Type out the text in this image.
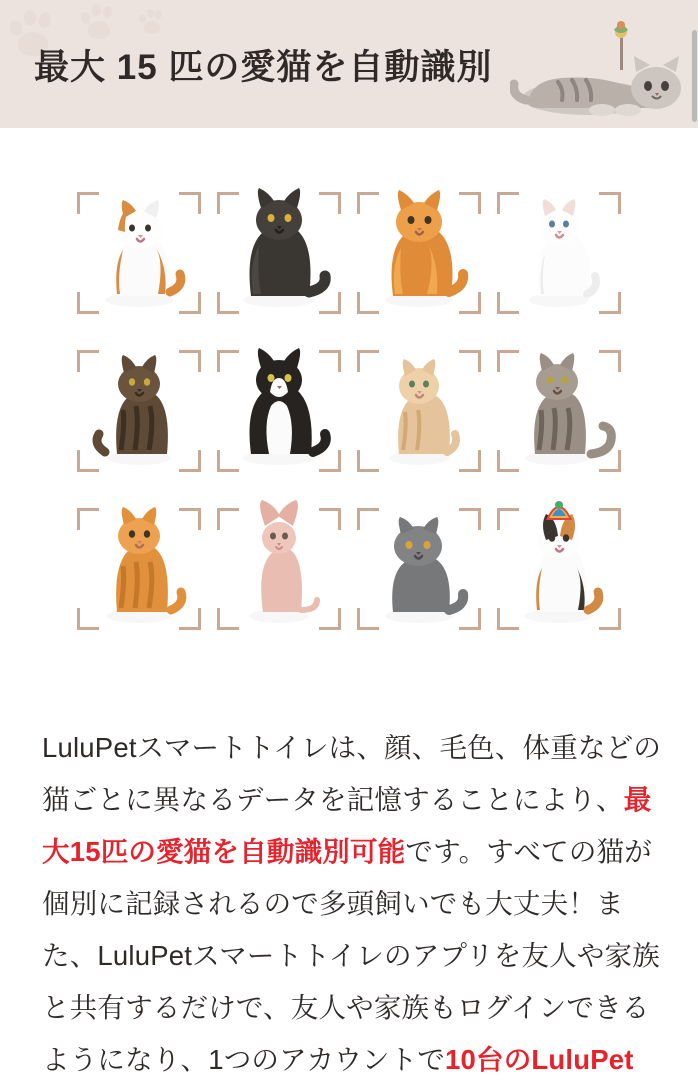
最大 15 匹の愛猫を自動識別
LuluPetスマートトイレは、顔、毛色、体重などの猫ごとに異なるデータを記憶することにより、最大15匹の愛猫を自動識別可能です。すべての猫が個別に記録されるので多頭飼いでも大丈夫！また、LuluPetスマートトイレのアプリを友人や家族と共有するだけで、友人や家族もログインできるようになり、1つのアカウントで10台のLuluPet
